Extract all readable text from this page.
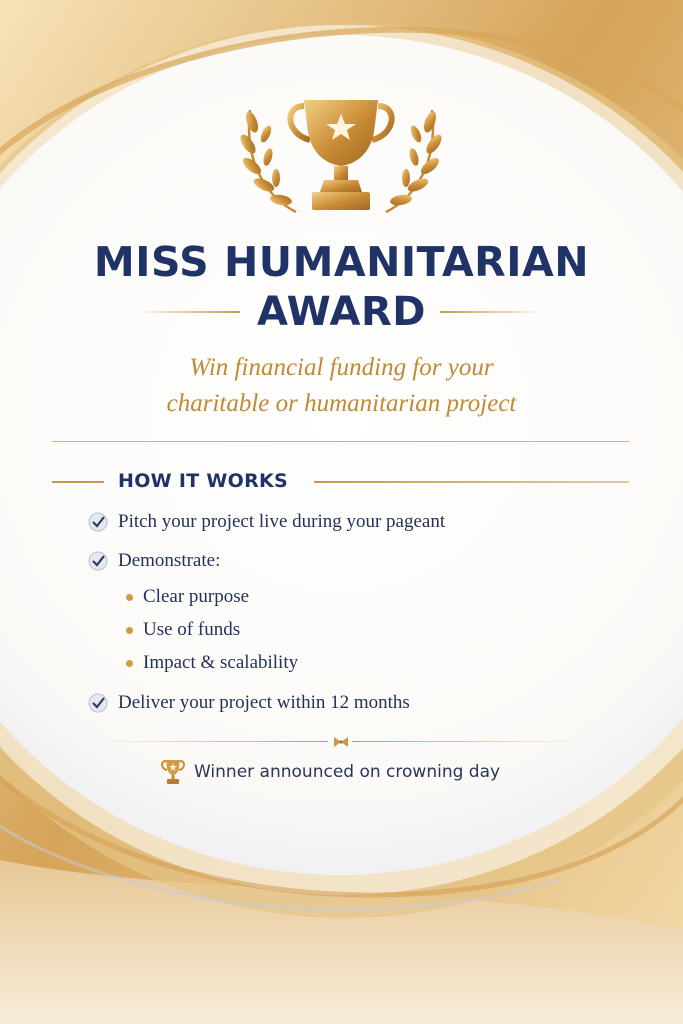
MISS HUMANITARIAN
AWARD
Win financial funding for your
charitable or humanitarian project
HOW IT WORKS
Pitch your project live during your pageant
Demonstrate:
Clear purpose
Use of funds
Impact & scalability
Deliver your project within 12 months
Winner announced on crowning day
